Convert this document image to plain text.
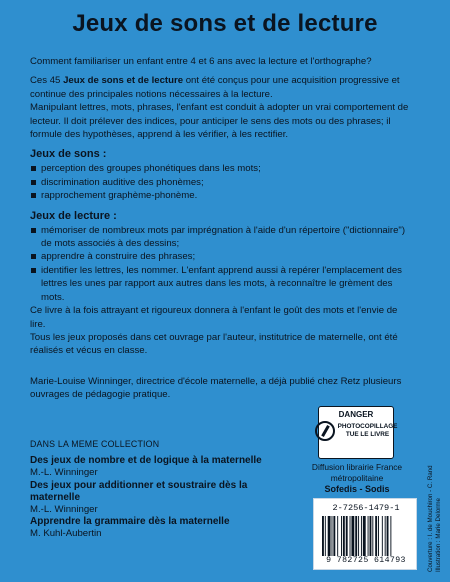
Jeux de sons et de lecture

Comment familiariser un enfant entre 4 et 6 ans avec la lecture et l'orthographe?

Ces 45 Jeux de sons et de lecture ont été conçus pour une acquisition progressive et continue des principales notions nécessaires à la lecture.

Manipulant lettres, mots, phrases, l'enfant est conduit à adopter un vrai comportement de lecteur. Il doit prélever des indices, pour anticiper le sens des mots ou des phrases; il formule des hypothèses, apprend à les vérifier, à les rectifier.

Jeux de sons :
perception des groupes phonétiques dans les mots;
discrimination auditive des phonèmes;
rapprochement graphème-phonème.
Jeux de lecture :
mémoriser de nombreux mots par imprégnation à l'aide d'un répertoire ("dictionnaire") de mots associés à des dessins;
apprendre à construire des phrases;
identifier les lettres, les nommer. L'enfant apprend aussi à repérer l'emplacement des lettres les unes par rapport aux autres dans les mots, à reconnaître le grèment des mots.

Ce livre à la fois attrayant et rigoureux donnera à l'enfant le goût des mots et l'envie de lire.

Tous les jeux proposés dans cet ouvrage par l'auteur, institutrice de maternelle, ont été réalisés et vécus en classe.

Marie-Louise Winninger, directrice d'école maternelle, a déjà publié chez Retz plusieurs ouvrages de pédagogie pratique.
DANGER
PHOTOCOPILLAGE
TUE LE LIVRE
DANS LA MEME COLLECTION
Des jeux de nombre et de logique à la maternelle
M.-L. Winninger
Des jeux pour additionner et soustraire dès la maternelle
M.-L. Winninger
Apprendre la grammaire dès la maternelle
M. Kuhl-Aubertin
Diffusion librairie France
métropolitaine
Sofedis - Sodis
2-7256-1479-1
9 782725 614793	Couverture : I. de Mouchiron - C. Rand Illustration : Marie Delorme
